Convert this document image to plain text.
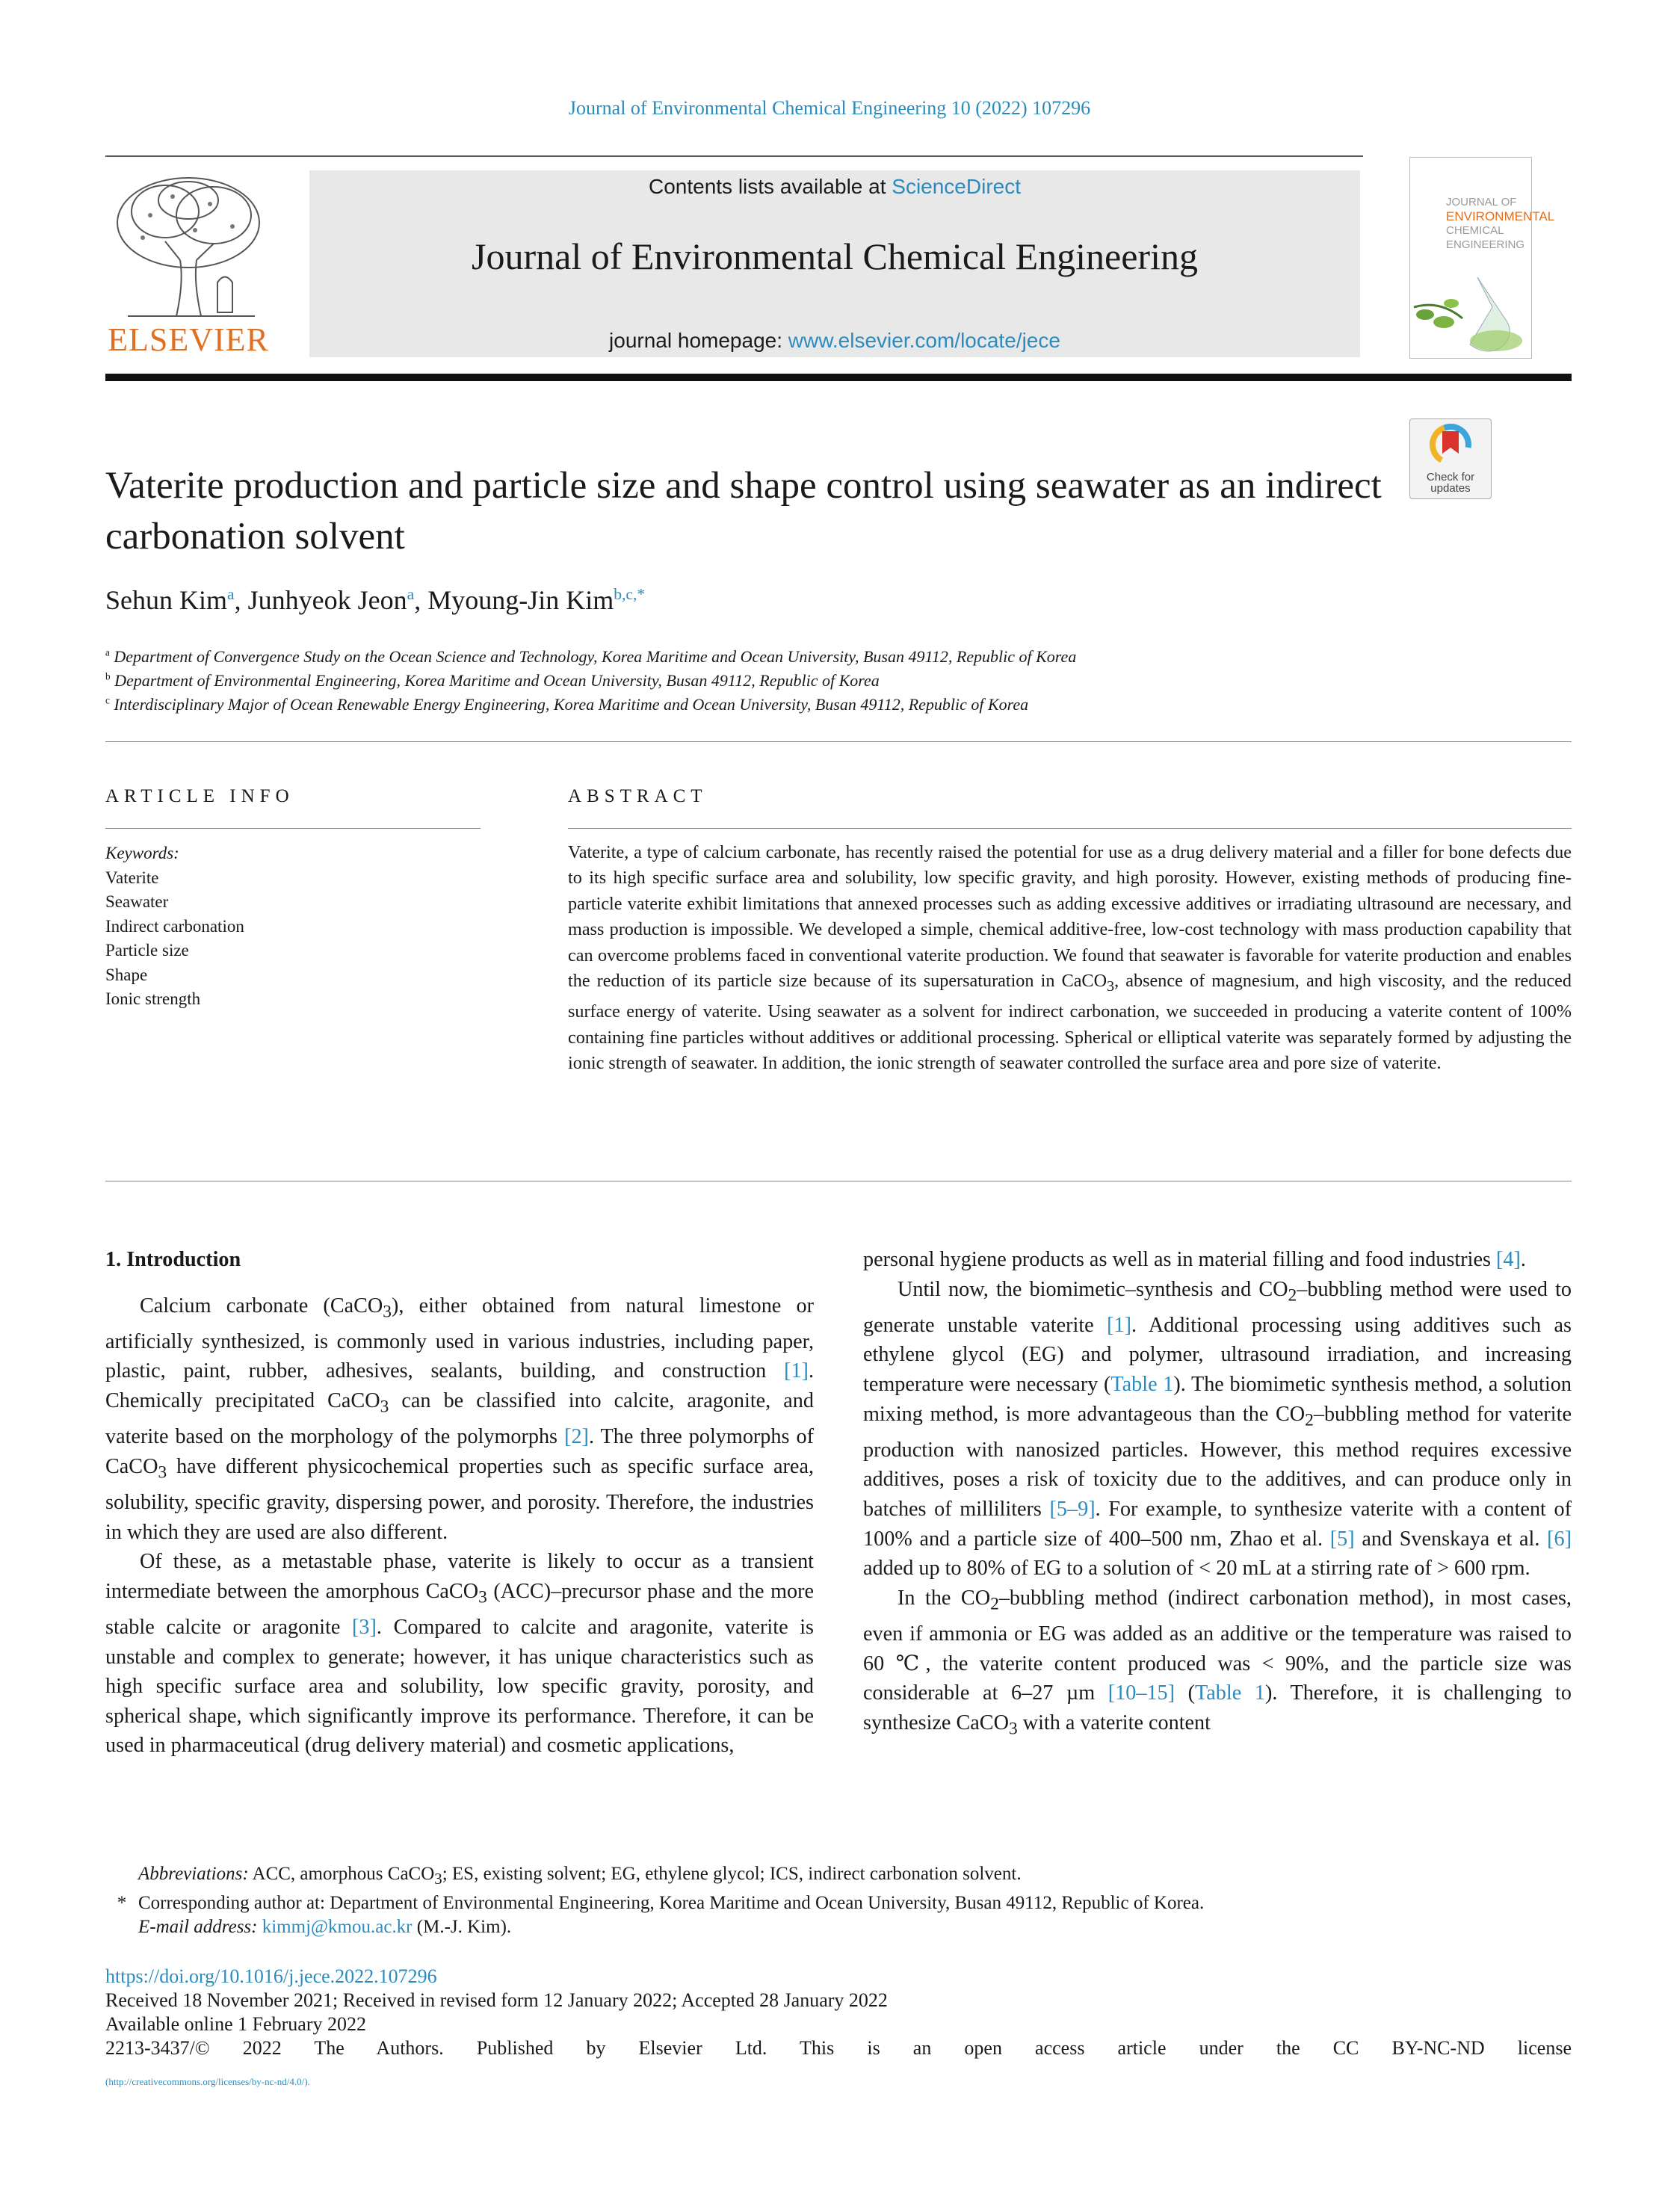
Journal of Environmental Chemical Engineering 10 (2022) 107296
ELSEVIER
Contents lists available at ScienceDirect
Journal of Environmental Chemical Engineering
journal homepage: www.elsevier.com/locate/jece
JOURNAL OF
ENVIRONMENTAL
CHEMICAL
ENGINEERING
Check for
updates
Vaterite production and particle size and shape control using seawater as an indirect carbonation solvent
Sehun Kim$^a$, Junhyeok Jeon$^a$, Myoung-Jin Kim$^{b,c,*}$
$^a$ Department of Convergence Study on the Ocean Science and Technology, Korea Maritime and Ocean University, Busan 49112, Republic of Korea
$^b$ Department of Environmental Engineering, Korea Maritime and Ocean University, Busan 49112, Republic of Korea
$^c$ Interdisciplinary Major of Ocean Renewable Energy Engineering, Korea Maritime and Ocean University, Busan 49112, Republic of Korea
ARTICLE INFO	ABSTRACT
Keywords:
Vaterite
Seawater
Indirect carbonation
Particle size
Shape
Ionic strength

Vaterite, a type of calcium carbonate, has recently raised the potential for use as a drug delivery material and a filler for bone defects due to its high specific surface area and solubility, low specific gravity, and high porosity. However, existing methods of producing fine-particle vaterite exhibit limitations that annexed processes such as adding excessive additives or irradiating ultrasound are necessary, and mass production is impossible. We developed a simple, chemical additive-free, low-cost technology with mass production capability that can overcome problems faced in conventional vaterite production. We found that seawater is favorable for vaterite production and enables the reduction of its particle size because of its supersaturation in CaCO$_3$, absence of magnesium, and high viscosity, and the reduced surface energy of vaterite. Using seawater as a solvent for indirect carbonation, we succeeded in producing a vaterite content of 100% containing fine particles without additives or additional processing. Spherical or elliptical vaterite was separately formed by adjusting the ionic strength of seawater. In addition, the ionic strength of seawater controlled the surface area and pore size of vaterite.

1. Introduction

Calcium carbonate (CaCO$_3$), either obtained from natural limestone or artificially synthesized, is commonly used in various industries, including paper, plastic, paint, rubber, adhesives, sealants, building, and construction [1]. Chemically precipitated CaCO$_3$ can be classified into calcite, aragonite, and vaterite based on the morphology of the polymorphs [2]. The three polymorphs of CaCO$_3$ have different physicochemical properties such as specific surface area, solubility, specific gravity, dispersing power, and porosity. Therefore, the industries in which they are used are also different.

Of these, as a metastable phase, vaterite is likely to occur as a transient intermediate between the amorphous CaCO$_3$ (ACC)–precursor phase and the more stable calcite or aragonite [3]. Compared to calcite and aragonite, vaterite is unstable and complex to generate; however, it has unique characteristics such as high specific surface area and solubility, low specific gravity, porosity, and spherical shape, which significantly improve its performance. Therefore, it can be used in pharmaceutical (drug delivery material) and cosmetic applications,

personal hygiene products as well as in material filling and food industries [4].

Until now, the biomimetic–synthesis and $CO_2$–bubbling method were used to generate unstable vaterite [1]. Additional processing using additives such as ethylene glycol (EG) and polymer, ultrasound irradiation, and increasing temperature were necessary (Table 1). The biomimetic synthesis method, a solution mixing method, is more advantageous than the $CO_2$–bubbling method for vaterite production with nanosized particles. However, this method requires excessive additives, poses a risk of toxicity due to the additives, and can produce only in batches of milliliters [5–9]. For example, to synthesize vaterite with a content of 100% and a particle size of 400–500 nm, Zhao et al. [5] and Svenskaya et al. [6] added up to 80% of EG to a solution of < 20 mL at a stirring rate of > 600 rpm.

In the $CO_2$–bubbling method (indirect carbonation method), in most cases, even if ammonia or EG was added as an additive or the temperature was raised to 60 ℃, the vaterite content produced was < 90%, and the particle size was considerable at 6–27 µm [10–15] (Table 1). Therefore, it is challenging to synthesize CaCO$_3$ with a vaterite content

Abbreviations: ACC, amorphous CaCO$_3$; ES, existing solvent; EG, ethylene glycol; ICS, indirect carbonation solvent.
* Corresponding author at: Department of Environmental Engineering, Korea Maritime and Ocean University, Busan 49112, Republic of Korea.
E-mail address: kimmj@kmou.ac.kr (M.-J. Kim).
https://doi.org/10.1016/j.jece.2022.107296
Received 18 November 2021; Received in revised form 12 January 2022; Accepted 28 January 2022
Available online 1 February 2022
2213-3437/© 2022 The Authors. Published by Elsevier Ltd. This is an open access article under the CC BY-NC-ND license
(http://creativecommons.org/licenses/by-nc-nd/4.0/).
